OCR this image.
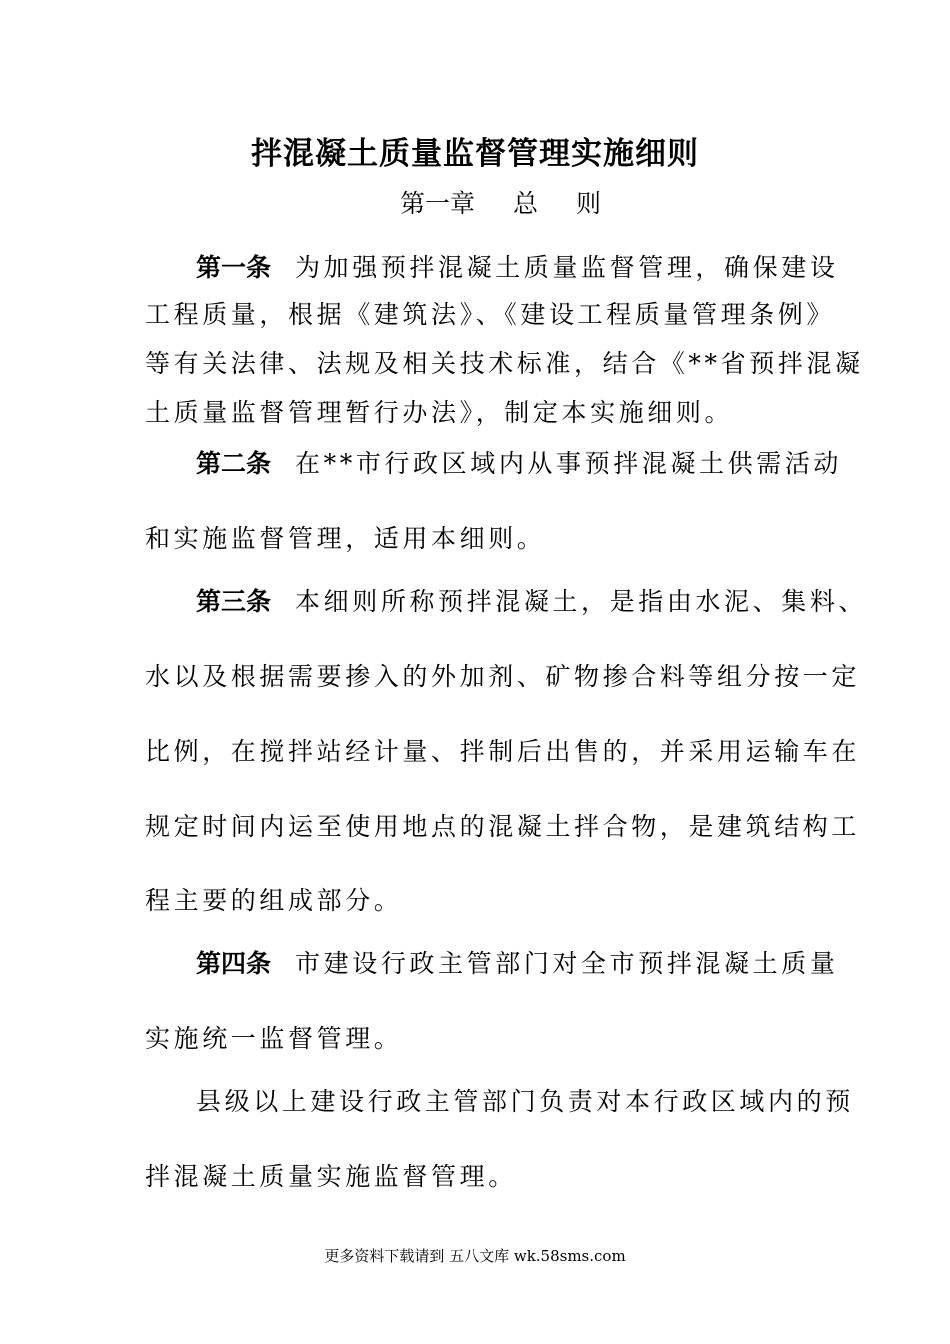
拌混凝土质量监督管理实施细则
第一章 总 则
第一条 为加强预拌混凝土质量监督管理，确保建设
工程质量，根据《建筑法》、《建设工程质量管理条例》
等有关法律、法规及相关技术标准，结合《**省预拌混凝
土质量监督管理暂行办法》，制定本实施细则。
第二条 在**市行政区域内从事预拌混凝土供需活动
和实施监督管理，适用本细则。
第三条 本细则所称预拌混凝土，是指由水泥、集料、
水以及根据需要掺入的外加剂、矿物掺合料等组分按一定
比例，在搅拌站经计量、拌制后出售的，并采用运输车在
规定时间内运至使用地点的混凝土拌合物，是建筑结构工
程主要的组成部分。
第四条 市建设行政主管部门对全市预拌混凝土质量
实施统一监督管理。
县级以上建设行政主管部门负责对本行政区域内的预
拌混凝土质量实施监督管理。
更多资料下载请到 五八文库 wk.58sms.com
